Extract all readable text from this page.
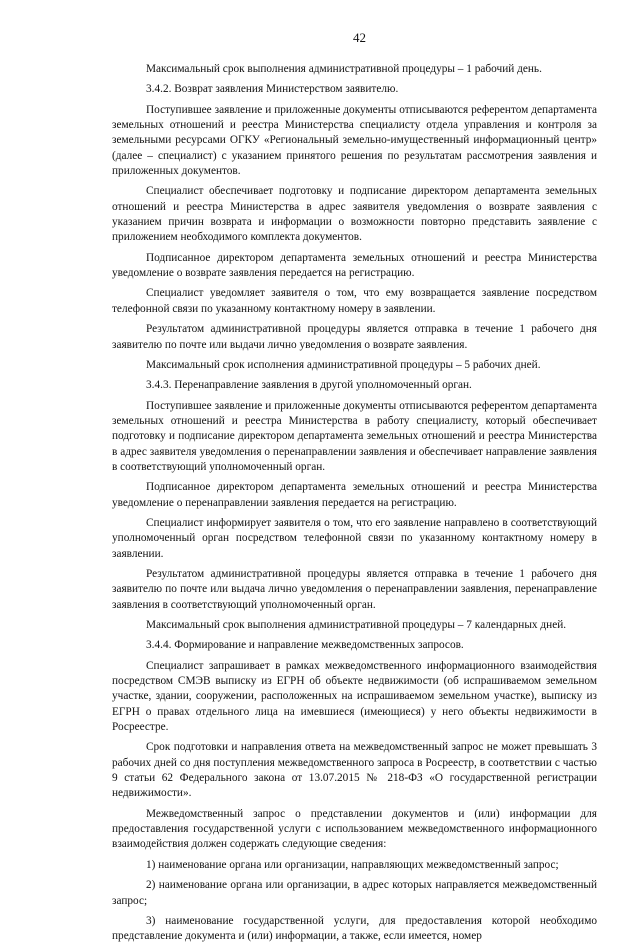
42

Максимальный срок выполнения административной процедуры – 1 рабочий день.

3.4.2. Возврат заявления Министерством заявителю.

Поступившее заявление и приложенные документы отписываются референтом департамента земельных отношений и реестра Министерства специалисту отдела управления и контроля за земельными ресурсами ОГКУ «Региональный земельно-имущественный информационный центр» (далее – специалист) с указанием принятого решения по результатам рассмотрения заявления и приложенных документов.

Специалист обеспечивает подготовку и подписание директором департамента земельных отношений и реестра Министерства в адрес заявителя уведомления о возврате заявления с указанием причин возврата и информации о возможности повторно представить заявление с приложением необходимого комплекта документов.

Подписанное директором департамента земельных отношений и реестра Министерства уведомление о возврате заявления передается на регистрацию.

Специалист уведомляет заявителя о том, что ему возвращается заявление посредством телефонной связи по указанному контактному номеру в заявлении.

Результатом административной процедуры является отправка в течение 1 рабочего дня заявителю по почте или выдачи лично уведомления о возврате заявления.

Максимальный срок исполнения административной процедуры – 5 рабочих дней.

3.4.3. Перенаправление заявления в другой уполномоченный орган.

Поступившее заявление и приложенные документы отписываются референтом департамента земельных отношений и реестра Министерства в работу специалисту, который обеспечивает подготовку и подписание директором департамента земельных отношений и реестра Министерства в адрес заявителя уведомления о перенаправлении заявления и обеспечивает направление заявления в соответствующий уполномоченный орган.

Подписанное директором департамента земельных отношений и реестра Министерства уведомление о перенаправлении заявления передается на регистрацию.

Специалист информирует заявителя о том, что его заявление направлено в соответствующий уполномоченный орган посредством телефонной связи по указанному контактному номеру в заявлении.

Результатом административной процедуры является отправка в течение 1 рабочего дня заявителю по почте или выдача лично уведомления о перенаправлении заявления, перенаправление заявления в соответствующий уполномоченный орган.

Максимальный срок выполнения административной процедуры – 7 календарных дней.

3.4.4. Формирование и направление межведомственных запросов.

Специалист запрашивает в рамках межведомственного информационного взаимодействия посредством СМЭВ выписку из ЕГРН об объекте недвижимости (об испрашиваемом земельном участке, здании, сооружении, расположенных на испрашиваемом земельном участке), выписку из ЕГРН о правах отдельного лица на имевшиеся (имеющиеся) у него объекты недвижимости в Росреестре.

Срок подготовки и направления ответа на межведомственный запрос не может превышать 3 рабочих дней со дня поступления межведомственного запроса в Росреестр, в соответствии с частью 9 статьи 62 Федерального закона от 13.07.2015 № 218-ФЗ «О государственной регистрации недвижимости».

Межведомственный запрос о представлении документов и (или) информации для предоставления государственной услуги с использованием межведомственного информационного взаимодействия должен содержать следующие сведения:

1) наименование органа или организации, направляющих межведомственный запрос;

2) наименование органа или организации, в адрес которых направляется межведомственный запрос;

3) наименование государственной услуги, для предоставления которой необходимо представление документа и (или) информации, а также, если имеется, номер
